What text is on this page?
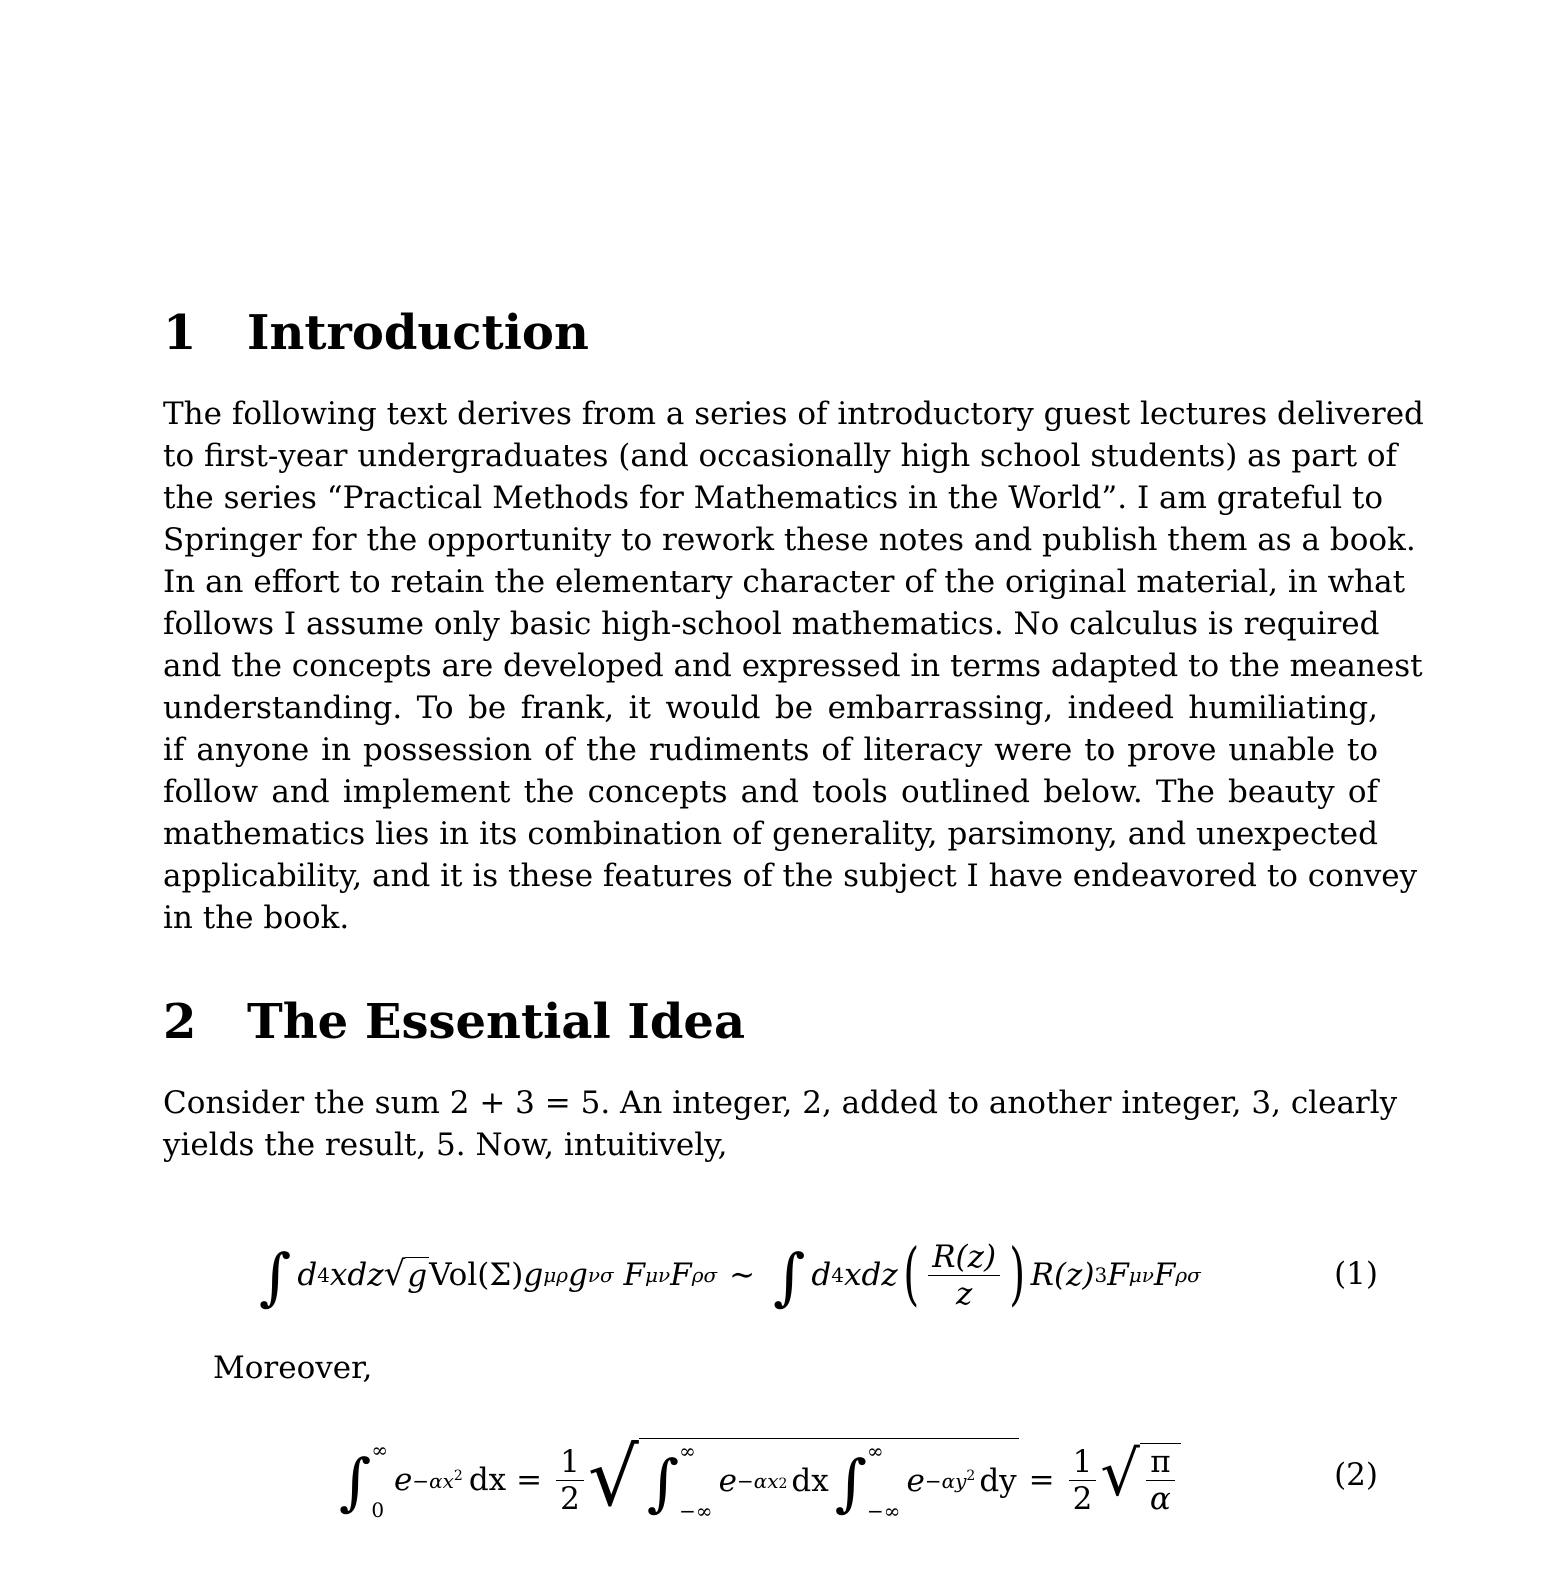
1 Introduction
The following text derives from a series of introductory guest lectures delivered
to first-year undergraduates (and occasionally high school students) as part of
the series “Practical Methods for Mathematics in the World”. I am grateful to
Springer for the opportunity to rework these notes and publish them as a book.
In an effort to retain the elementary character of the original material, in what
follows I assume only basic high-school mathematics. No calculus is required
and the concepts are developed and expressed in terms adapted to the meanest
understanding. To be frank, it would be embarrassing, indeed humiliating,
if anyone in possession of the rudiments of literacy were to prove unable to
follow and implement the concepts and tools outlined below. The beauty of
mathematics lies in its combination of generality, parsimony, and unexpected
applicability, and it is these features of the subject I have endeavored to convey
in the book.
2 The Essential Idea
Consider the sum 2 + 3 = 5. An integer, 2, added to another integer, 3, clearly
yields the result, 5. Now, intuitively,
∫ d 4 xdz √ g Vol(Σ) g μρ g νσ
F μν F ρσ ∼ ∫ d 4 xdz ( $\frac{R(z)}{z}$ ) R(z) 3 F μν F ρσ	(1)
Moreover,
∫ ∞
0
$e -\alpha x^2$ dx = $\frac{1}{2}$ √ ∫ ∞
−∞
e −αx2 dx ∫ ∞
−∞
$e -\alpha y^2$ dy = $\frac{1}{2}$ √ $\frac{\pi}{\alpha}$	(2)
